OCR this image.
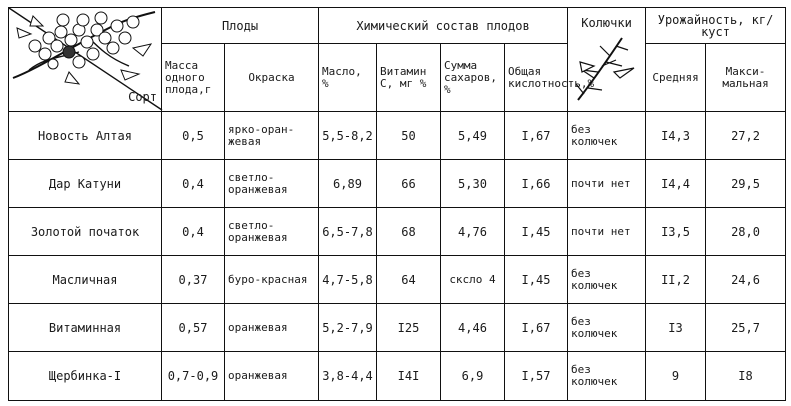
Сорт	Плоды		Химический состав плодов				Колючки	Урожайность, кг/куст	
	Масса одного плода,г	Окраска	Масло, %	Витамин С, мг %	Сумма сахаров, %	Общая кислотность,%		Средняя	Макси-мальная
Новость Алтая	0,5	ярко-оран-жевая	5,5-8,2	50	5,49	I,67	без колючек	I4,3	27,2
Дар Катуни	0,4	светло-оранжевая	6,89	66	5,30	I,66	почти нет	I4,4	29,5
Золотой початок	0,4	светло-оранжевая	6,5-7,8	68	4,76	I,45	почти нет	I3,5	28,0
Масличная	0,37	буро-красная	4,7-5,8	64	скслo 4	I,45	без колючек	II,2	24,6
Витаминная	0,57	оранжевая	5,2-7,9	I25	4,46	I,67	без колючек	I3	25,7
Щербинка-I	0,7-0,9	оранжевая	3,8-4,4	I4I	6,9	I,57	без колючек	9	I8
